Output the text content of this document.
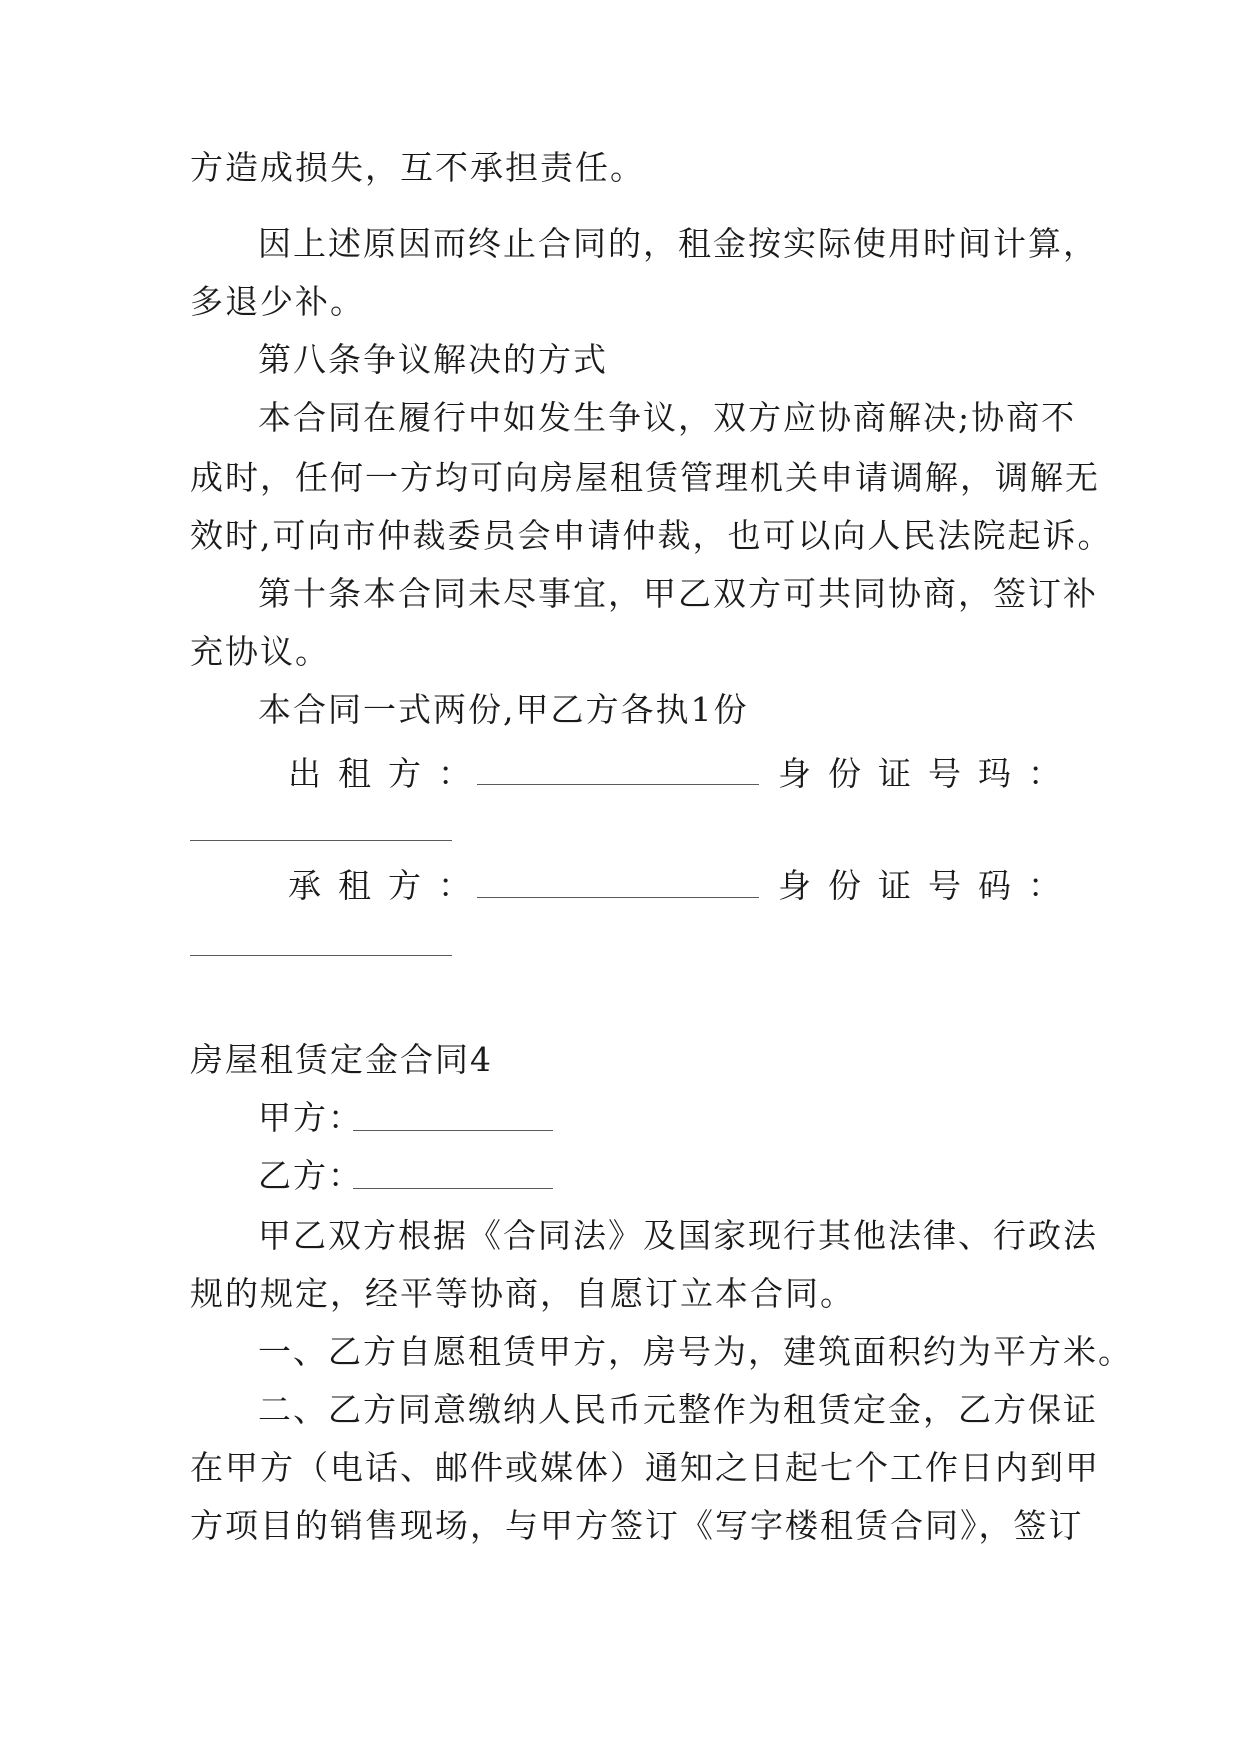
方造成损失，互不承担责任。
因上述原因而终止合同的，租金按实际使用时间计算，
多退少补。
第八条争议解决的方式
本合同在履行中如发生争议，双方应协商解决;协商不
成时，任何一方均可向房屋租赁管理机关申请调解，调解无
效时,可向市仲裁委员会申请仲裁，也可以向人民法院起诉。
第十条本合同未尽事宜，甲乙双方可共同协商，签订补
充协议。
本合同一式两份,甲乙方各执1份
出租方：	身份证号玛：
承租方：	身份证号码：
房屋租赁定金合同4
甲方：
乙方：
甲乙双方根据《合同法》及国家现行其他法律、行政法
规的规定，经平等协商，自愿订立本合同。
一、乙方自愿租赁甲方，房号为，建筑面积约为平方米。
二、乙方同意缴纳人民币元整作为租赁定金，乙方保证
在甲方（电话、邮件或媒体）通知之日起七个工作日内到甲
方项目的销售现场，与甲方签订《写字楼租赁合同》，签订
